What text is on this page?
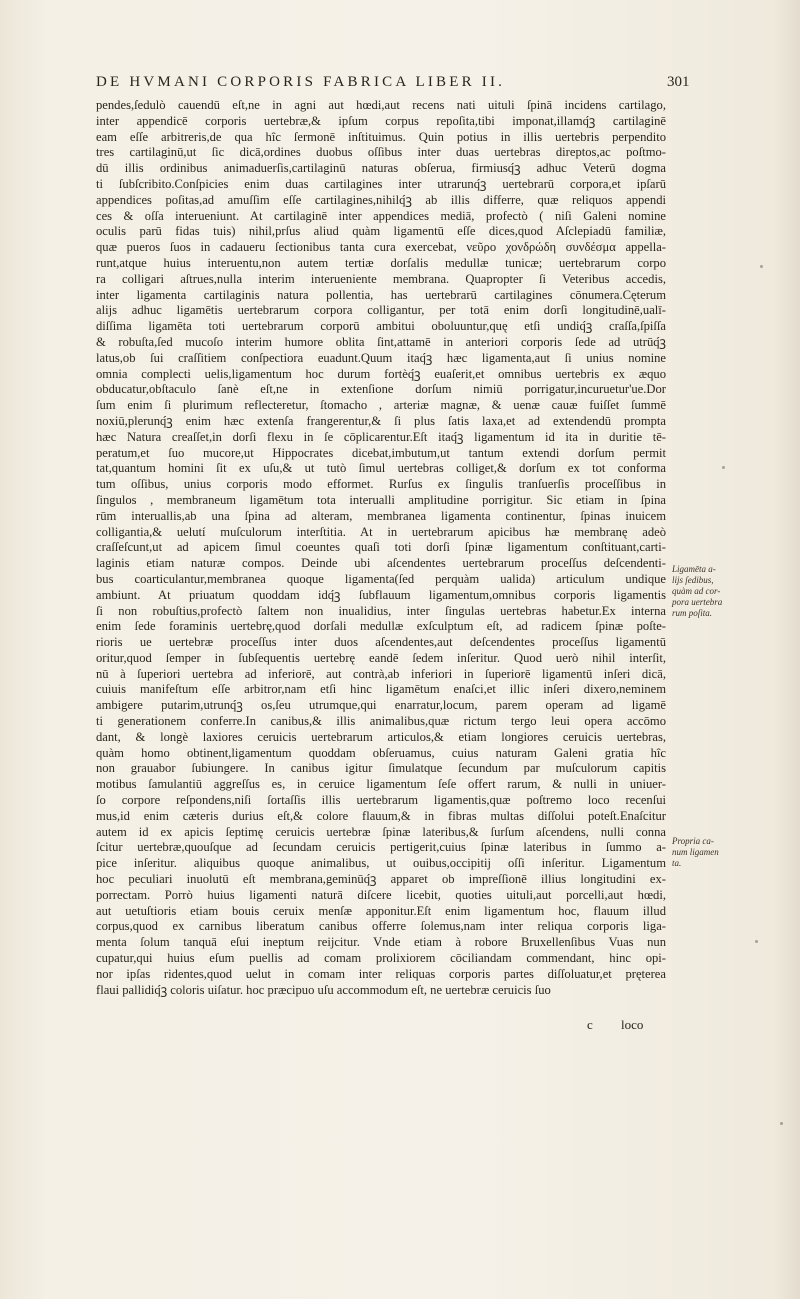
DE HVMANI CORPORIS FABRICA LIBER II.	301
pendes,ſedulò cauendū eſt,ne in agni aut hœdi,aut recens nati uituli ſpinā incidens cartilago,
inter appendicē corporis uertebræ,& ipſum corpus repoſita,tibi imponat,illamq́ꝫ cartilaginē
eam eſſe arbitreris,de qua hîc ſermonē inſtituimus. Quin potius in illis uertebris perpendito
tres cartilaginū,ut ſic dicā,ordines duobus oſſibus inter duas uertebras direptos,ac poſtmo-
dū illis ordinibus animaduerſis,cartilaginū naturas obſerua, firmiusq́ꝫ adhuc Veterū dogma
ti ſubſcribito.Conſpicies enim duas cartilagines inter utrarunq́ꝫ uertebrarū corpora,et ipſarū
appendices poſitas,ad amuſſim eſſe cartilagines,nihilq́ꝫ ab illis differre, quæ reliquos appendi
ces & oſſa interueniunt. At cartilaginē inter appendices mediā, profectò ( niſi Galeni nomine
oculis parū fidas tuis) nihil,prſus aliud quàm ligamentū eſſe dices,quod Aſclepiadū familiæ,
quæ pueros ſuos in cadaueru ſectionibus tanta cura exercebat, νεῦρο χονδρώδη συνδέσμα appella-
runt,atque huius interuentu,non autem tertiæ dorſalis medullæ tunicæ; uertebrarum corpo
ra colligari aſtrues,nulla interim interueniente membrana. Quapropter ſi Veteribus accedis,
inter ligamenta cartilaginis natura pollentia, has uertebrarū cartilagines cōnumera.Cęterum
alijs adhuc ligamētis uertebrarum corpora colligantur, per totā enim dorſi longitudinē,ualī-
diſſima ligamēta toti uertebrarum corporū ambitui oboluuntur,quę etſi undiq́ꝫ craſſa,ſpiſſa
& robuſta,ſed mucoſo interim humore oblita ſint,attamē in anteriori corporis ſede ad utrūq́ꝫ
latus,ob ſui craſſitiem conſpectiora euadunt.Quum itaq́ꝫ hæc ligamenta,aut ſi unius nomine
omnia complecti uelis,ligamentum hoc durum fortèq́ꝫ euaſerit,et omnibus uertebris ex æquo
obducatur,obſtaculo ſanè eſt,ne in extenſione dorſum nimiū porrigatur,incuruetur'ue.Dor
ſum enim ſi plurimum reflecteretur, ſtomacho , arteriæ magnæ, & uenæ cauæ fuiſſet ſummē
noxiū,plerunq́ꝫ enim hæc extenſa frangerentur,& ſi plus ſatis laxa,et ad extendendū prompta
hæc Natura creaſſet,in dorſi flexu in ſe cōplicarentur.Eſt itaq́ꝫ ligamentum id ita in duritie tē-
peratum,et ſuo mucore,ut Hippocrates dicebat,imbutum,ut tantum extendi dorſum permit
tat,quantum homini ſit ex uſu,& ut tutò ſimul uertebras colliget,& dorſum ex tot conforma
tum oſſibus, unius corporis modo efformet. Rurſus ex ſingulis tranſuerſis proceſſibus in
ſingulos , membraneum ligamētum tota interualli amplitudine porrigitur. Sic etiam in ſpina
rūm interuallis,ab una ſpina ad alteram, membranea ligamenta continentur, ſpinas inuicem
colligantia,& uelutí muſculorum interſtitia. At in uertebrarum apicibus hæ membranę adeò
craſſeſcunt,ut ad apicem ſimul coeuntes quaſi toti dorſi ſpinæ ligamentum conſtituant,carti-
laginis etiam naturæ compos. Deinde ubi aſcendentes uertebrarum proceſſus deſcendenti-
bus coarticulantur,membranea quoque ligamenta(ſed perquàm ualida) articulum undique
ambiunt. At priuatum quoddam idq́ꝫ ſubflauum ligamentum,omnibus corporis ligamentis
ſi non robuſtius,profectò ſaltem non inualidius, inter ſingulas uertebras habetur.Ex interna
enim ſede foraminis uertebrę,quod dorſali medullæ exſculptum eſt, ad radicem ſpinæ poſte-
rioris ue uertebræ proceſſus inter duos aſcendentes,aut deſcendentes proceſſus ligamentū
oritur,quod ſemper in ſubſequentis uertebrę eandē ſedem inſeritur. Quod uerò nihil interſit,
nū à ſuperiori uertebra ad inferiorē, aut contrà,ab inferiori in ſuperiorē ligamentū inſeri dicā,
cuiuis manifeſtum eſſe arbitror,nam etſi hinc ligamētum enaſci,et illic inſeri dixero,neminem
ambigere putarim,utrunq́ꝫ os,ſeu utrumque,qui enarratur,locum, parem operam ad ligamē
ti generationem conferre.In canibus,& illis animalibus,quæ rictum tergo leui opera accōmo
dant, & longè laxiores ceruicis uertebrarum articulos,& etiam longiores ceruicis uertebras,
quàm homo obtinent,ligamentum quoddam obſeruamus, cuius naturam Galeni gratia hîc
non grauabor ſubiungere. In canibus igitur ſimulatque ſecundum par muſculorum capitis
motibus ſamulantiū aggreſſus es, in ceruice ligamentum ſeſe offert rarum, & nulli in uniuer-
ſo corpore reſpondens,niſi ſortaſſis illis uertebrarum ligamentis,quæ poſtremo loco recenſui
mus,id enim cæteris durius eſt,& colore flauum,& in fibras multas diſſolui poteſt.Enaſcitur
autem id ex apicis ſeptimę ceruicis uertebræ ſpinæ lateribus,& ſurſum aſcendens, nulli conna
ſcitur uertebræ,quouſque ad ſecundam ceruicis pertigerit,cuius ſpinæ lateribus in ſummo a-
pice inſeritur. aliquibus quoque animalibus, ut ouibus,occipitij oſſi inſeritur. Ligamentum
hoc peculiari inuolutū eſt membrana,geminūq́ꝫ apparet ob impreſſionē illius longitudini ex-
porrectam. Porrò huius ligamenti naturā diſcere licebit, quoties uituli,aut porcelli,aut hœdi,
aut uetuſtioris etiam bouis ceruix menſæ apponitur.Eſt enim ligamentum hoc, flauum illud
corpus,quod ex carnibus liberatum canibus offerre ſolemus,nam inter reliqua corporis liga-
menta ſolum tanquā eſui ineptum reijcitur. Vnde etiam à robore Bruxellenſibus Vuas nun
cupatur,qui huius eſum puellis ad comam prolixiorem cōciliandam commendant, hinc opi-
nor ipſas ridentes,quod uelut in comam inter reliquas corporis partes diſſoluatur,et pręterea
flaui pallidiq́ꝫ coloris uiſatur. hoc præcipuo uſu accommodum eſt, ne uertebræ ceruicis ſuo
c loco
Ligamēta a-
lijs ſedibus,
quàm ad cor-
pora uertebra
rum poſita.
Propria ca-
num ligamen
ta.
